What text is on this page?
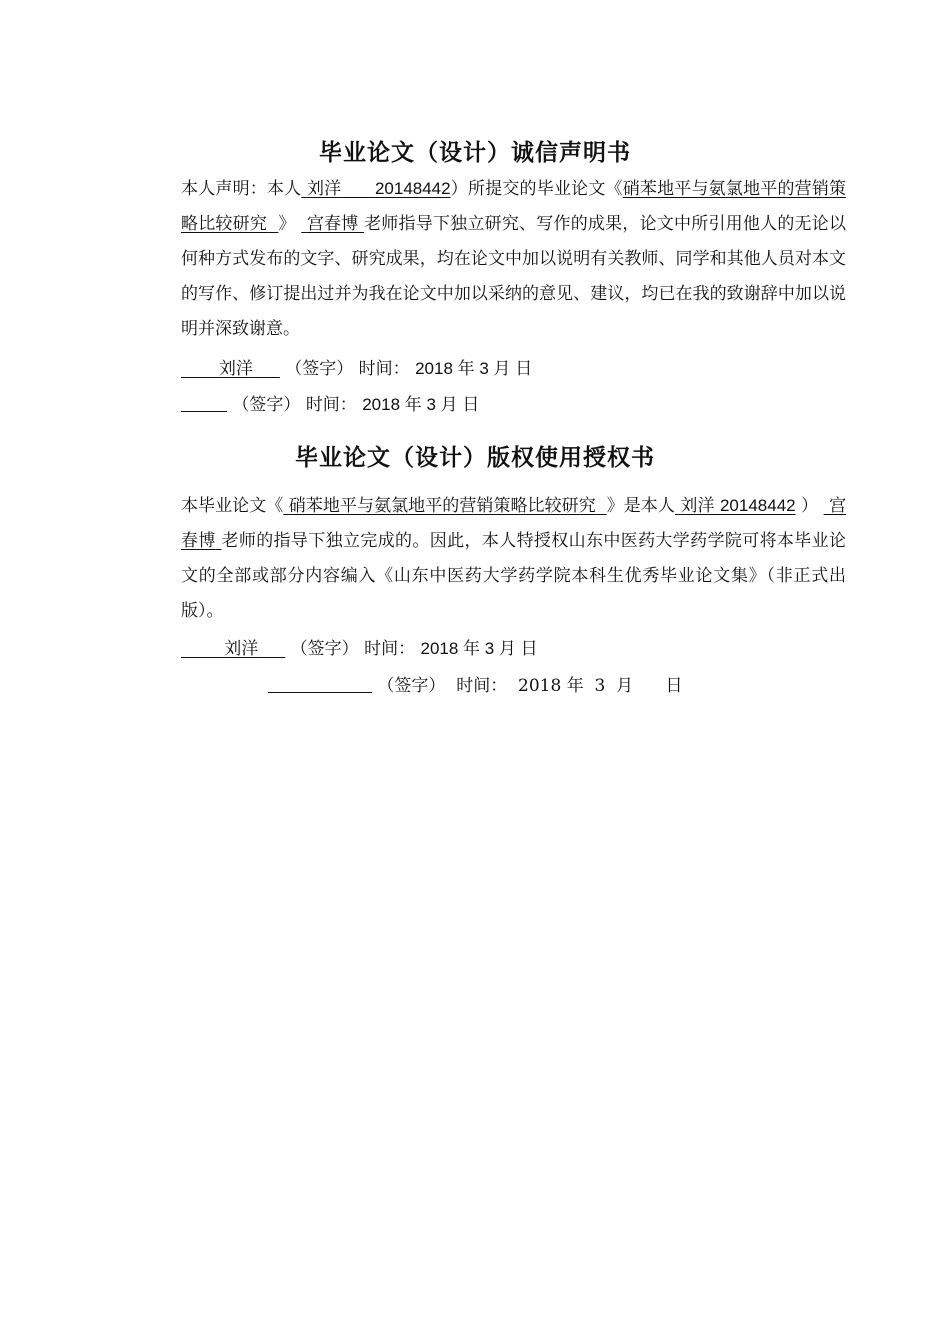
毕业论文（设计）诚信声明书

本人声明：本人 刘洋 20148442）所提交的毕业论文《硝苯地平与氨氯地平的营销策略比较研究 》 宫春博 老师指导下独立研究、写作的成果，论文中所引用他人的无论以何种方式发布的文字、研究成果，均在论文中加以说明有关教师、同学和其他人员对本文的写作、修订提出过并为我在论文中加以采纳的意见、建议，均已在我的致谢辞中加以说明并深致谢意。

刘洋 （签字） 时间： 2018 年 3 月 日
（签字） 时间： 2018 年 3 月 日
毕业论文（设计）版权使用授权书

本毕业论文《 硝苯地平与氨氯地平的营销策略比较研究 》是本人 刘洋 20148442 ） 宫春博 老师的指导下独立完成的。因此，本人特授权山东中医药大学药学院可将本毕业论文的全部或部分内容编入《山东中医药大学药学院本科生优秀毕业论文集》（非正式出版）。

刘洋 （签字） 时间： 2018 年 3 月 日
（签字） 时间： 2018 年  3  月      日
